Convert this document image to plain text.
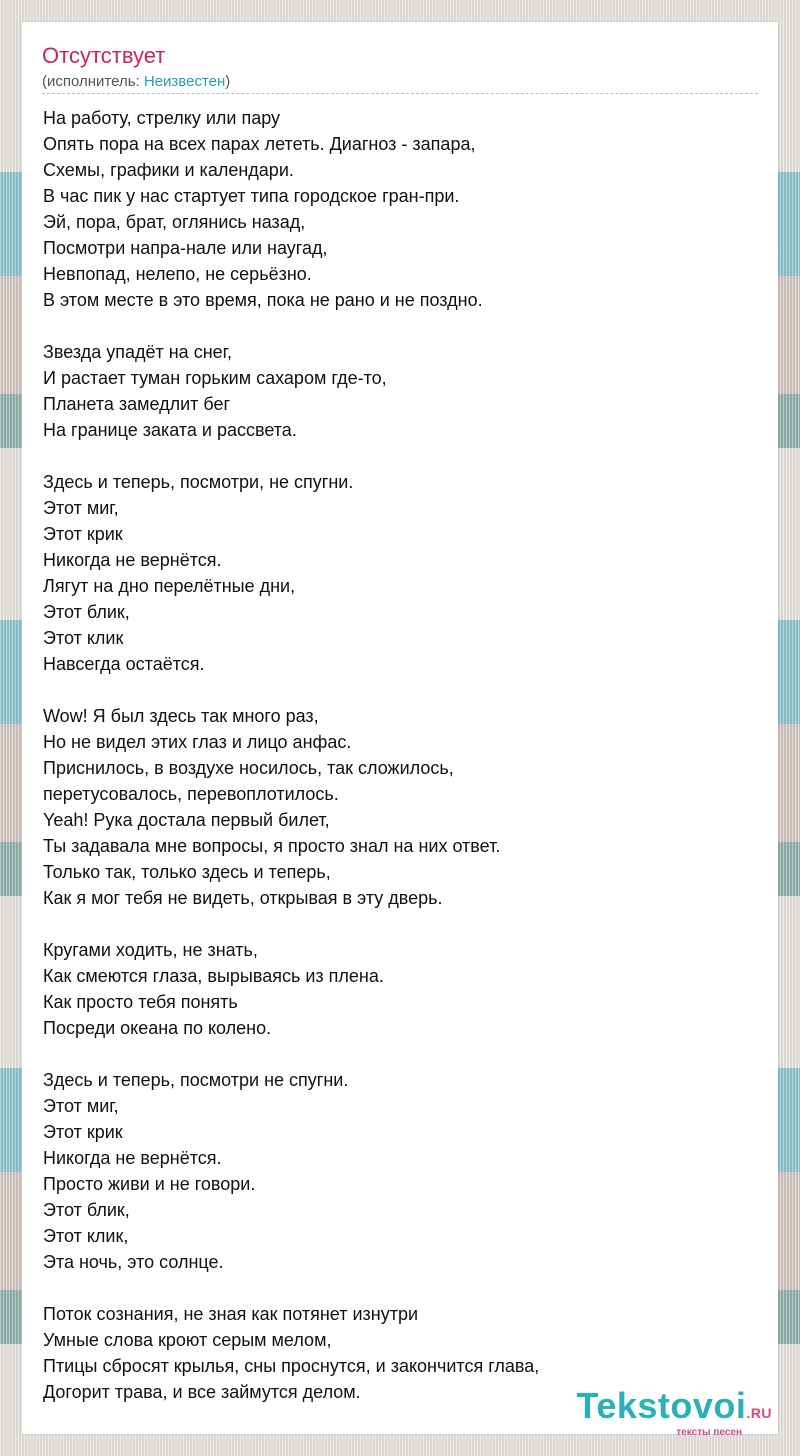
Отсутствует
(исполнитель: Неизвестен)
На работу, стрелку или пару
Опять пора на всех парах лететь. Диагноз - запара,
Схемы, графики и календари.
В час пик у нас стартует типа городское гран-при.
Эй, пора, брат, оглянись назад,
Посмотри напра-нале или наугад,
Невпопад, нелепо, не серьёзно.
В этом месте в это время, пока не рано и не поздно.
Звезда упадёт на снег,
И растает туман горьким сахаром где-то,
Планета замедлит бег
На границе заката и рассвета.
Здесь и теперь, посмотри, не спугни.
Этот миг,
Этот крик
Никогда не вернётся.
Лягут на дно перелётные дни,
Этот блик,
Этот клик
Навсегда остаётся.
Wow! Я был здесь так много раз,
Но не видел этих глаз и лицо анфас.
Приснилось, в воздухе носилось, так сложилось,
перетусовалось, перевоплотилось.
Yeah! Рука достала первый билет,
Ты задавала мне вопросы, я просто знал на них ответ.
Только так, только здесь и теперь,
Как я мог тебя не видеть, открывая в эту дверь.
Кругами ходить, не знать,
Как смеются глаза, вырываясь из плена.
Как просто тебя понять
Посреди океана по колено.
Здесь и теперь, посмотри не спугни.
Этот миг,
Этот крик
Никогда не вернётся.
Просто живи и не говори.
Этот блик,
Этот клик,
Эта ночь, это солнце.
Поток сознания, не зная как потянет изнутри
Умные слова кроют серым мелом,
Птицы сбросят крылья, сны проснутся, и закончится глава,
Догорит трава, и все займутся делом.	Tekstovoi.RU
тексты песен
